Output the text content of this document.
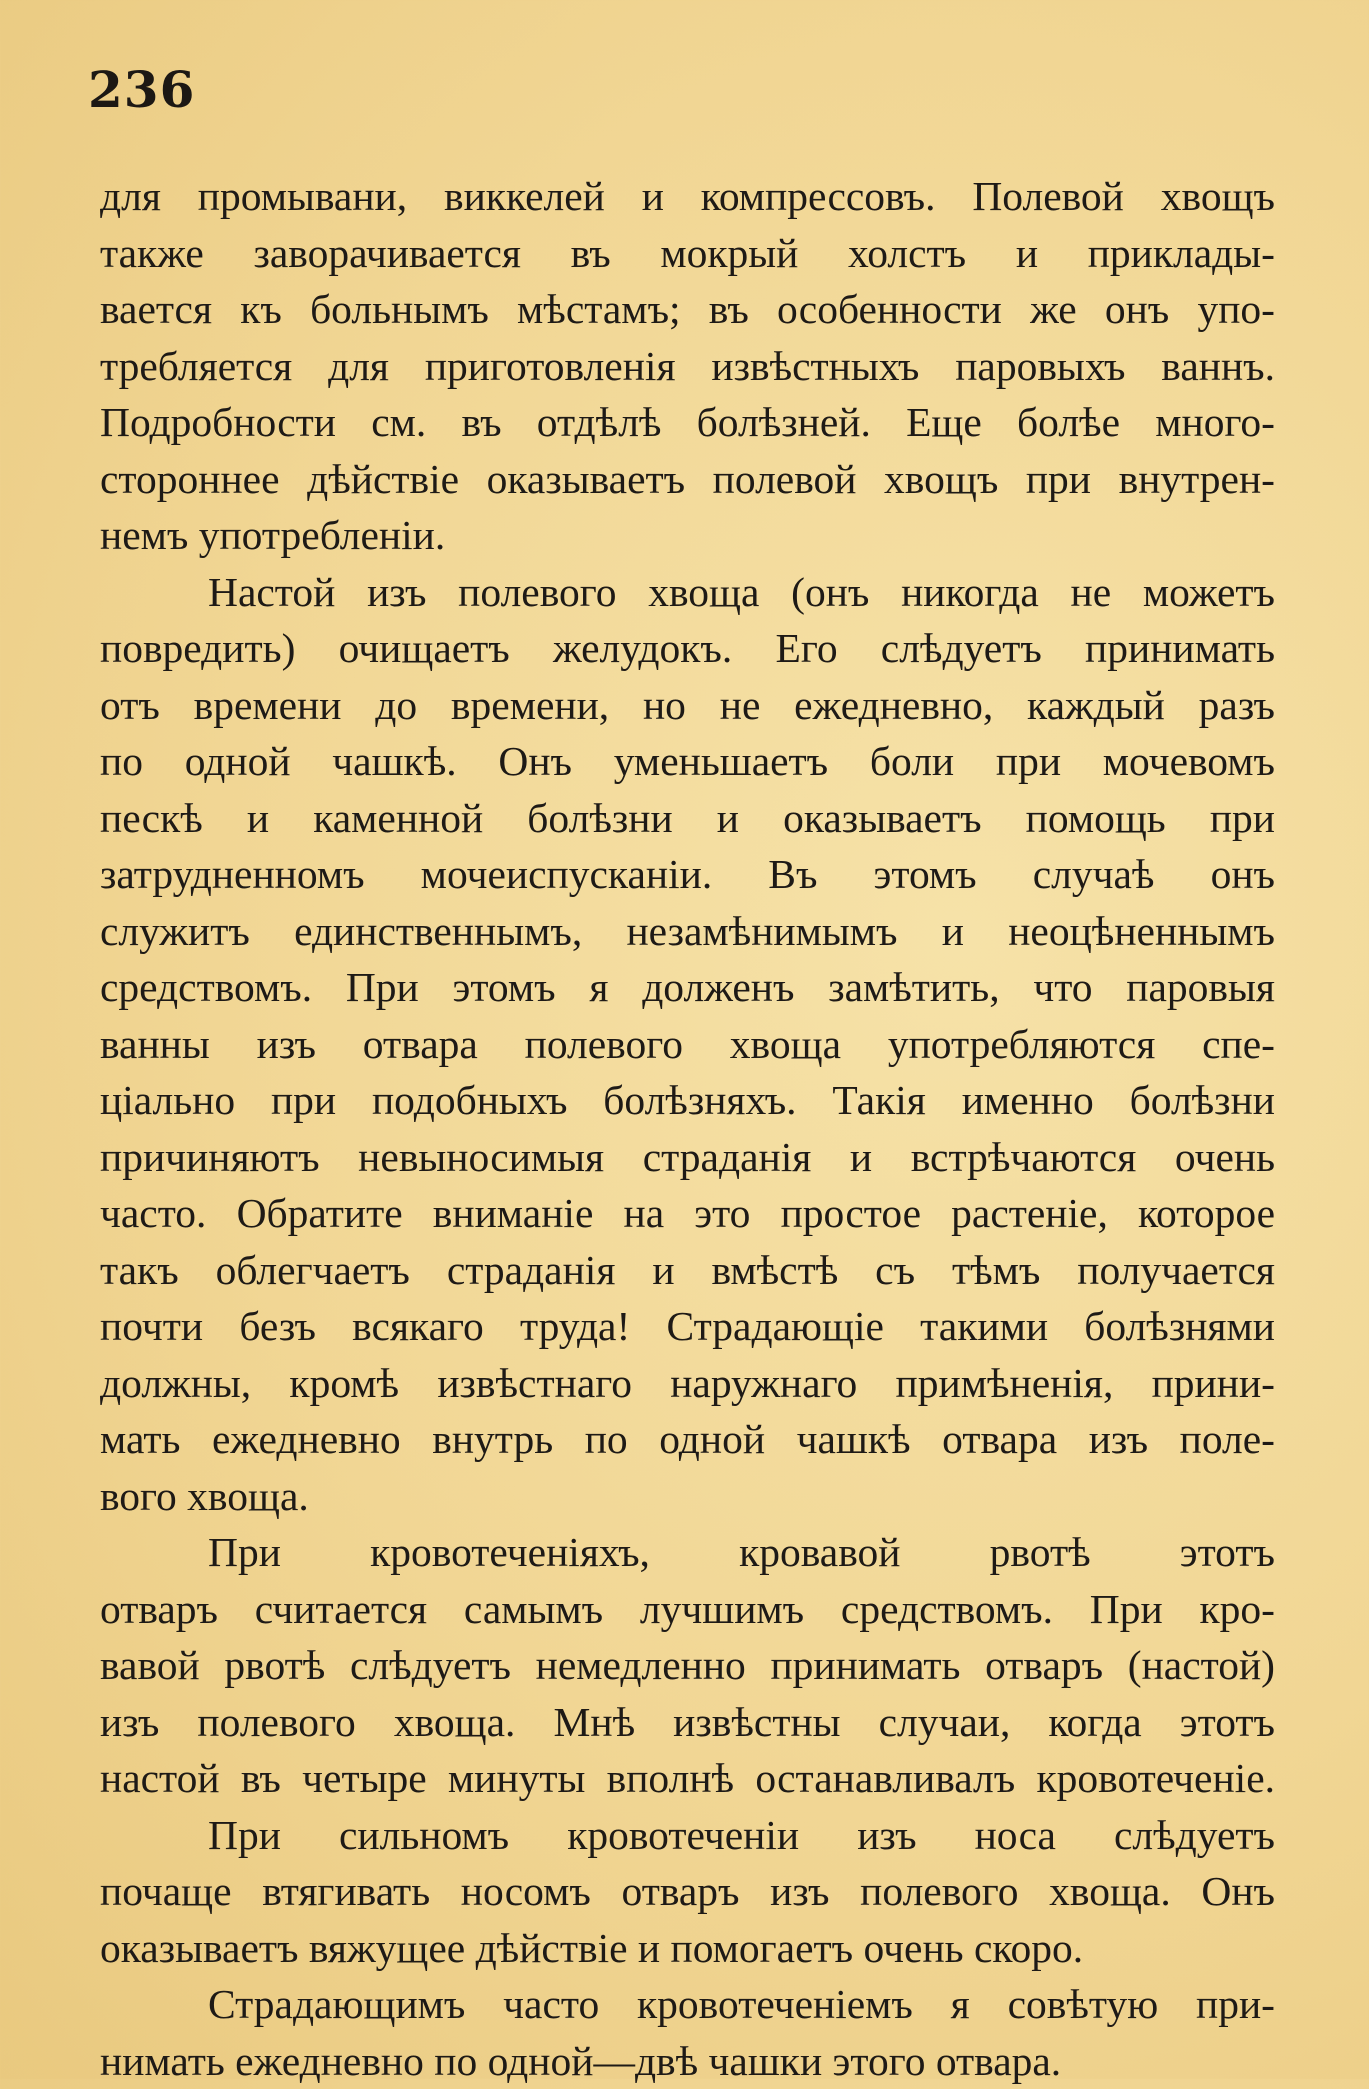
236
для промывани, виккелей и компрессовъ. Полевой хвощъ
также заворачивается въ мокрый холстъ и приклады-
вается къ больнымъ мѣстамъ; въ особенности же онъ упо-
требляется для приготовленія извѣстныхъ паровыхъ ваннъ.
Подробности см. въ отдѣлѣ болѣзней. Еще болѣе много-
стороннее дѣйствіе оказываетъ полевой хвощъ при внутрен-
немъ употребленіи.
Настой изъ полевого хвоща (онъ никогда не можетъ
повредить) очищаетъ желудокъ. Его слѣдуетъ принимать
отъ времени до времени, но не ежедневно, каждый разъ
по одной чашкѣ. Онъ уменьшаетъ боли при мочевомъ
пескѣ и каменной болѣзни и оказываетъ помощь при
затрудненномъ мочеиспусканіи. Въ этомъ случаѣ онъ
служитъ единственнымъ, незамѣнимымъ и неоцѣненнымъ
средствомъ. При этомъ я долженъ замѣтить, что паровыя
ванны изъ отвара полевого хвоща употребляются спе-
ціально при подобныхъ болѣзняхъ. Такія именно болѣзни
причиняютъ невыносимыя страданія и встрѣчаются очень
часто. Обратите вниманіе на это простое растеніе, которое
такъ облегчаетъ страданія и вмѣстѣ съ тѣмъ получается
почти безъ всякаго труда! Страдающіе такими болѣзнями
должны, кромѣ извѣстнаго наружнаго примѣненія, прини-
мать ежедневно внутрь по одной чашкѣ отвара изъ поле-
вого хвоща.
При кровотеченіяхъ, кровавой рвотѣ этотъ
отваръ считается самымъ лучшимъ средствомъ. При кро-
вавой рвотѣ слѣдуетъ немедленно принимать отваръ (настой)
изъ полевого хвоща. Мнѣ извѣстны случаи, когда этотъ
настой въ четыре минуты вполнѣ останавливалъ кровотеченіе.
При сильномъ кровотеченіи изъ носа слѣдуетъ
почаще втягивать носомъ отваръ изъ полевого хвоща. Онъ
оказываетъ вяжущее дѣйствіе и помогаетъ очень скоро.
Страдающимъ часто кровотеченіемъ я совѣтую при-
нимать ежедневно по одной—двѣ чашки этого отвара.
